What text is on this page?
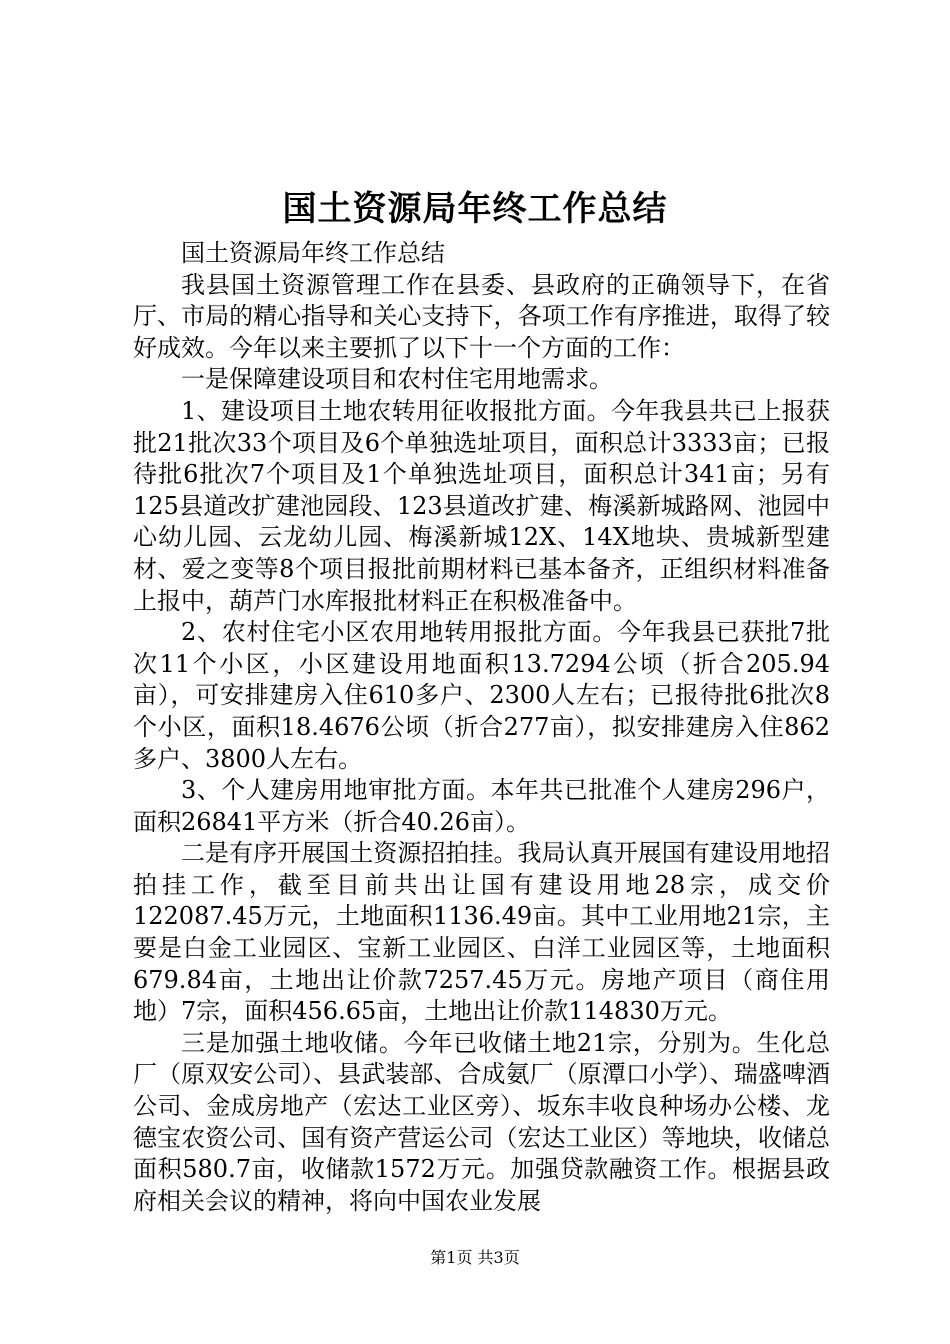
国土资源局年终工作总结

国土资源局年终工作总结

我县国土资源管理工作在县委、县政府的正确领导下，在省厅、市局的精心指导和关心支持下，各项工作有序推进，取得了较好成效。今年以来主要抓了以下十一个方面的工作：

一是保障建设项目和农村住宅用地需求。

1、建设项目土地农转用征收报批方面。今年我县共已上报获批21批次33个项目及6个单独选址项目，面积总计3333亩；已报待批6批次7个项目及1个单独选址项目，面积总计341亩；另有125县道改扩建池园段、123县道改扩建、梅溪新城路网、池园中心幼儿园、云龙幼儿园、梅溪新城12X、14X地块、贵城新型建材、爱之变等8个项目报批前期材料已基本备齐，正组织材料准备上报中，葫芦门水库报批材料正在积极准备中。

2、农村住宅小区农用地转用报批方面。今年我县已获批7批次11个小区，小区建设用地面积13.7294公顷（折合205.94亩），可安排建房入住610多户、2300人左右；已报待批6批次8个小区，面积18.4676公顷（折合277亩），拟安排建房入住862多户、3800人左右。

3、个人建房用地审批方面。本年共已批准个人建房296户，面积26841平方米（折合40.26亩）。

二是有序开展国土资源招拍挂。我局认真开展国有建设用地招拍挂工作，截至目前共出让国有建设用地28宗，成交价122087.45万元，土地面积1136.49亩。其中工业用地21宗，主要是白金工业园区、宝新工业园区、白洋工业园区等，土地面积679.84亩，土地出让价款7257.45万元。房地产项目（商住用地）7宗，面积456.65亩，土地出让价款114830万元。

三是加强土地收储。今年已收储土地21宗，分别为。生化总厂（原双安公司）、县武装部、合成氨厂（原潭口小学）、瑞盛啤酒公司、金成房地产（宏达工业区旁）、坂东丰收良种场办公楼、龙德宝农资公司、国有资产营运公司（宏达工业区）等地块，收储总面积580.7亩，收储款1572万元。加强贷款融资工作。根据县政府相关会议的精神，将向中国农业发展

第1页 共3页
